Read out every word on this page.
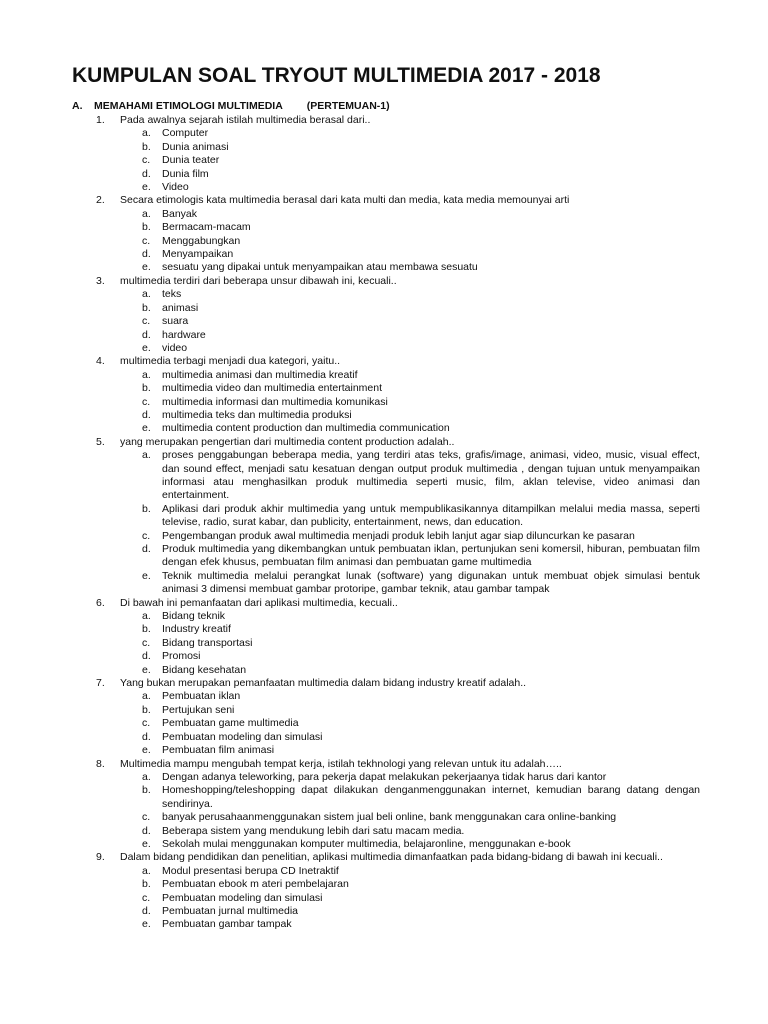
KUMPULAN SOAL TRYOUT MULTIMEDIA 2017 - 2018
A. MEMAHAMI ETIMOLOGI MULTIMEDIA (PERTEMUAN-1)
1. Pada awalnya sejarah istilah multimedia berasal dari..
a. Computer
b. Dunia animasi
c. Dunia teater
d. Dunia film
e. Video
2. Secara etimologis kata multimedia berasal dari kata multi dan media, kata media memounyai arti
a. Banyak
b. Bermacam-macam
c. Menggabungkan
d. Menyampaikan
e. sesuatu yang dipakai untuk menyampaikan atau membawa sesuatu
3. multimedia terdiri dari beberapa unsur dibawah ini, kecuali..
a. teks
b. animasi
c. suara
d. hardware
e. video
4. multimedia terbagi menjadi dua kategori, yaitu..
a. multimedia animasi dan multimedia kreatif
b. multimedia video dan multimedia entertainment
c. multimedia informasi dan multimedia komunikasi
d. multimedia teks dan multimedia produksi
e. multimedia content production dan multimedia communication
5. yang merupakan pengertian dari multimedia content production adalah..
a. proses penggabungan beberapa media, yang terdiri atas teks, grafis/image, animasi, video, music, visual effect, dan sound effect, menjadi satu kesatuan dengan output produk multimedia , dengan tujuan untuk menyampaikan informasi atau menghasilkan produk multimedia seperti music, film, aklan televise, video animasi dan entertainment.
b. Aplikasi dari produk akhir multimedia yang untuk mempublikasikannya ditampilkan melalui media massa, seperti televise, radio, surat kabar, dan publicity, entertainment, news, dan education.
c. Pengembangan produk awal multimedia menjadi produk lebih lanjut agar siap diluncurkan ke pasaran
d. Produk multimedia yang dikembangkan untuk pembuatan iklan, pertunjukan seni komersil, hiburan, pembuatan film dengan efek khusus, pembuatan film animasi dan pembuatan game multimedia
e. Teknik multimedia melalui perangkat lunak (software) yang digunakan untuk membuat objek simulasi bentuk animasi 3 dimensi membuat gambar protoripe, gambar teknik, atau gambar tampak
6. Di bawah ini pemanfaatan dari aplikasi multimedia, kecuali..
a. Bidang teknik
b. Industry kreatif
c. Bidang transportasi
d. Promosi
e. Bidang kesehatan
7. Yang bukan merupakan pemanfaatan multimedia dalam bidang industry kreatif adalah..
a. Pembuatan iklan
b. Pertujukan seni
c. Pembuatan game multimedia
d. Pembuatan modeling dan simulasi
e. Pembuatan film animasi
8. Multimedia mampu mengubah tempat kerja, istilah tekhnologi yang relevan untuk itu adalah…..
a. Dengan adanya teleworking, para pekerja dapat melakukan pekerjaanya tidak harus dari kantor
b. Homeshopping/teleshopping dapat dilakukan denganmenggunakan internet, kemudian barang datang dengan sendirinya.
c. banyak perusahaanmenggunakan sistem jual beli online, bank menggunakan cara online-banking
d. Beberapa sistem yang mendukung lebih dari satu macam media.
e. Sekolah mulai menggunakan komputer multimedia, belajaronline, menggunakan e-book
9. Dalam bidang pendidikan dan penelitian, aplikasi multimedia dimanfaatkan pada bidang-bidang di bawah ini kecuali..
a. Modul presentasi berupa CD Inetraktif
b. Pembuatan ebook m ateri pembelajaran
c. Pembuatan modeling dan simulasi
d. Pembuatan jurnal multimedia
e. Pembuatan gambar tampak
